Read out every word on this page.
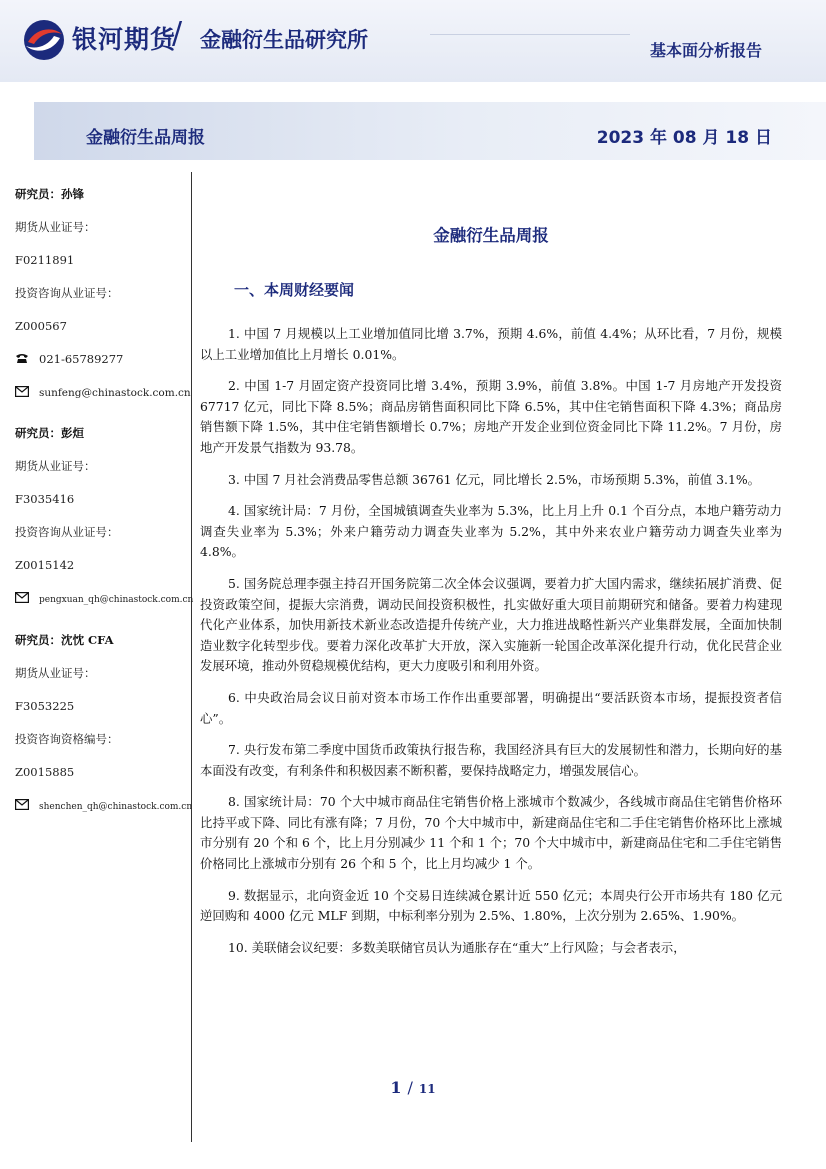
银河期货
/ 金融衍生品研究所	基本面分析报告
金融衍生品周报	2023 年 08 月 18 日

研究员：孙锋

期货从业证号：

F0211891

投资咨询从业证号：

Z000567

021-65789277

sunfeng@chinastock.com.cn

研究员：彭烜

期货从业证号：

F3035416

投资咨询从业证号：

Z0015142

pengxuan_qh@chinastock.com.cn

研究员：沈忱 CFA

期货从业证号：

F3053225

投资咨询资格编号：

Z0015885

shenchen_qh@chinastock.com.cn

金融衍生品周报
一、本周财经要闻

1. 中国 7 月规模以上工业增加值同比增 3.7%，预期 4.6%，前值 4.4%；从环比看，7 月份，规模以上工业增加值比上月增长 0.01%。

2. 中国 1-7 月固定资产投资同比增 3.4%，预期 3.9%，前值 3.8%。中国 1-7 月房地产开发投资 67717 亿元，同比下降 8.5%；商品房销售面积同比下降 6.5%，其中住宅销售面积下降 4.3%；商品房销售额下降 1.5%，其中住宅销售额增长 0.7%；房地产开发企业到位资金同比下降 11.2%。7 月份，房地产开发景气指数为 93.78。

3. 中国 7 月社会消费品零售总额 36761 亿元，同比增长 2.5%，市场预期 5.3%，前值 3.1%。

4. 国家统计局：7 月份，全国城镇调查失业率为 5.3%，比上月上升 0.1 个百分点，本地户籍劳动力调查失业率为 5.3%；外来户籍劳动力调查失业率为 5.2%，其中外来农业户籍劳动力调查失业率为 4.8%。

5. 国务院总理李强主持召开国务院第二次全体会议强调，要着力扩大国内需求，继续拓展扩消费、促投资政策空间，提振大宗消费，调动民间投资积极性，扎实做好重大项目前期研究和储备。要着力构建现代化产业体系，加快用新技术新业态改造提升传统产业，大力推进战略性新兴产业集群发展，全面加快制造业数字化转型步伐。要着力深化改革扩大开放，深入实施新一轮国企改革深化提升行动，优化民营企业发展环境，推动外贸稳规模优结构，更大力度吸引和利用外资。

6. 中央政治局会议日前对资本市场工作作出重要部署，明确提出“要活跃资本市场，提振投资者信心”。

7. 央行发布第二季度中国货币政策执行报告称，我国经济具有巨大的发展韧性和潜力，长期向好的基本面没有改变，有利条件和积极因素不断积蓄，要保持战略定力，增强发展信心。

8. 国家统计局：70 个大中城市商品住宅销售价格上涨城市个数减少，各线城市商品住宅销售价格环比持平或下降、同比有涨有降；7 月份，70 个大中城市中，新建商品住宅和二手住宅销售价格环比上涨城市分别有 20 个和 6 个，比上月分别减少 11 个和 1 个；70 个大中城市中，新建商品住宅和二手住宅销售价格同比上涨城市分别有 26 个和 5 个，比上月均减少 1 个。

9. 数据显示，北向资金近 10 个交易日连续减仓累计近 550 亿元；本周央行公开市场共有 180 亿元逆回购和 4000 亿元 MLF 到期，中标利率分别为 2.5%、1.80%，上次分别为 2.65%、1.90%。

10. 美联储会议纪要：多数美联储官员认为通胀存在“重大”上行风险；与会者表示，

1 / 11
